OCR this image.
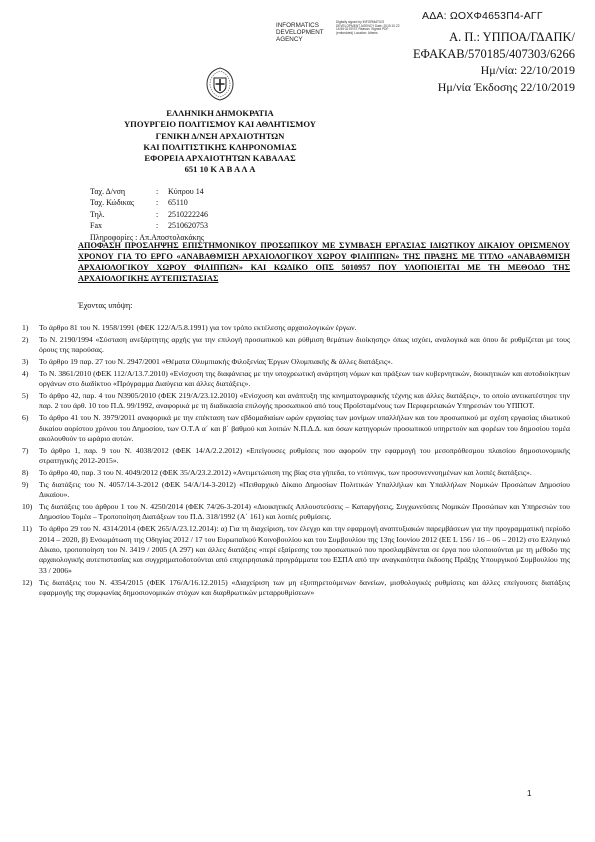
ΑΔΑ: ΩΟΧΦ4653Π4-ΑΓΓ
INFORMATICS
DEVELOPMENT
AGENCY
Digitally signed by INFORMATICS DEVELOPMENT AGENCY Date: 2019.10.22 14:56:32 EEST Reason: Signed PDF (embedded) Location: Athens	Α. Π.: ΥΠΠΟΑ/ΓΔΑΠΚ/ΕΦΑΚΑΒ/570185/407303/6266
Ημ/νία: 22/10/2019
Ημ/νία Έκδοσης 22/10/2019
ΕΛΛΗΝΙΚΗ ΔΗΜΟΚΡΑΤΙΑ
ΥΠΟΥΡΓΕΙΟ ΠΟΛΙΤΙΣΜΟΥ ΚΑΙ ΑΘΛΗΤΙΣΜΟΥ
ΓΕΝΙΚΗ Δ/ΝΣΗ ΑΡΧΑΙΟΤΗΤΩΝ
ΚΑΙ ΠΟΛΙΤΙΣΤΙΚΗΣ ΚΛΗΡΟΝΟΜΙΑΣ
ΕΦΟΡΕΙΑ ΑΡΧΑΙΟΤΗΤΩΝ ΚΑΒΑΛΑΣ
651 10 Κ Α Β Α Λ Α
Ταχ. Δ/νση	:	Κύπρου 14
Ταχ. Κώδικας	:	65110
Τηλ.	:	2510222246
Fax	:	2510620753
Πληροφορίες : Απ.Αποστολακάκης
ΑΠΟΦΑΣΗ ΠΡΟΣΛΗΨΗΣ ΕΠΙΣΤΗΜΟΝΙΚΟΥ ΠΡΟΣΩΠΙΚΟΥ ΜΕ ΣΥΜΒΑΣΗ ΕΡΓΑΣΙΑΣ ΙΔΙΩΤΙΚΟΥ ΔΙΚΑΙΟΥ ΟΡΙΣΜΕΝΟΥ ΧΡΟΝΟΥ ΓΙΑ ΤΟ ΕΡΓΟ «ΑΝΑΒΑΘΜΙΣΗ ΑΡΧΑΙΟΛΟΓΙΚΟΥ ΧΩΡΟΥ ΦΙΛΙΠΠΩΝ» ΤΗΣ ΠΡΑΞΗΣ ΜΕ ΤΙΤΛΟ «ΑΝΑΒΑΘΜΙΣΗ ΑΡΧΑΙΟΛΟΓΙΚΟΥ ΧΩΡΟΥ ΦΙΛΙΠΠΩΝ» ΚΑΙ ΚΩΔΙΚΟ ΟΠΣ 5010957 ΠΟΥ ΥΛΟΠΟΙΕΙΤΑΙ ΜΕ ΤΗ ΜΕΘΟΔΟ ΤΗΣ ΑΡΧΑΙΟΛΟΓΙΚΗΣ ΑΥΤΕΠΙΣΤΑΣΙΑΣ
Έχοντας υπόψη:
1)	Το άρθρο 81 του Ν. 1958/1991 (ΦΕΚ 122/Α/5.8.1991) για τον τρόπο εκτέλεσης αρχαιολογικών έργων.
2)	Το Ν. 2190/1994 «Σύσταση ανεξάρτητης αρχής για την επιλογή προσωπικού και ρύθμιση θεμάτων διοίκησης» όπως ισχύει, αναλογικά και όπου δε ρυθμίζεται με τους όρους της παρούσας.
3)	Το άρθρο 19 παρ. 27 του Ν. 2947/2001 «Θέματα Ολυμπιακής Φιλοξενίας Έργων Ολυμπιακής & άλλες διατάξεις».
4)	Το Ν. 3861/2010 (ΦΕΚ 112/Α/13.7.2010) «Ενίσχυση της διαφάνειας με την υποχρεωτική ανάρτηση νόμων και πράξεων των κυβερνητικών, διοικητικών και αυτοδιοίκητων οργάνων στο διαδίκτυο «Πρόγραμμα Διαύγεια και άλλες διατάξεις».
5)	Το άρθρο 42, παρ. 4 του Ν3905/2010 (ΦΕΚ 219/Α/23.12.2010) «Ενίσχυση και ανάπτυξη της κινηματογραφικής τέχνης και άλλες διατάξεις», το οποίο αντικατέστησε την παρ. 2 του άρθ. 10 του Π.Δ. 99/1992, αναφορικά με τη διαδικασία επιλογής προσωπικού από τους Προϊσταμένους των Περιφερειακών Υπηρεσιών του ΥΠΠΟΤ.
6)	Το άρθρο 41 του Ν. 3979/2011 αναφορικά με την επέκταση των εβδομαδιαίων ωρών εργασίας των μονίμων υπαλλήλων και του προσωπικού με σχέση εργασίας ιδιωτικού δικαίου αορίστου χρόνου του Δημοσίου, των Ο.Τ.Α α΄ και β΄ βαθμού και λοιπών Ν.Π.Δ.Δ. και όσων κατηγοριών προσωπικού υπηρετούν και φορέων του δημοσίου τομέα ακολουθούν το ωράριο αυτών.
7)	Το άρθρο 1, παρ. 9 του Ν. 4038/2012 (ΦΕΚ 14/Α/2.2.2012) «Επείγουσες ρυθμίσεις που αφορούν την εφαρμογή του μεσοπρόθεσμου πλαισίου δημοσιονομικής στρατηγικής 2012-2015».
8)	Το άρθρο 40, παρ. 3 του Ν. 4049/2012 (ΦΕΚ 35/Α/23.2.2012) «Αντιμετώπιση της βίας στα γήπεδα, το ντόπινγκ, των προσυνεννοημένων και λοιπές διατάξεις».
9)	Τις διατάξεις του Ν. 4057/14-3-2012 (ΦΕΚ 54/Α/14-3-2012) «Πειθαρχικό Δίκαιο Δημοσίων Πολιτικών Υπαλλήλων και Υπαλλήλων Νομικών Προσώπων Δημοσίου Δικαίου».
10) Τις διατάξεις του άρθρου 1 του Ν. 4250/2014 (ΦΕΚ 74/26-3-2014) «Διοικητικές Απλουστεύσεις – Καταργήσεις, Συγχωνεύσεις Νομικών Προσώπων και Υπηρεσιών του Δημοσίου Τομέα – Τροποποίηση Διατάξεων του Π.Δ. 318/1992 (Α΄ 161) και λοιπές ρυθμίσεις.
11) Το άρθρο 29 του Ν. 4314/2014 (ΦΕΚ 265/Α/23.12.2014): α) Για τη διαχείριση, τον έλεγχο και την εφαρμογή αναπτυξιακών παρεμβάσεων για την προγραμματική περίοδο 2014 – 2020, β) Ενσωμάτωση της Οδηγίας 2012 / 17 του Ευρωπαϊκού Κοινοβουλίου και του Συμβουλίου της 13ης Ιουνίου 2012 (ΕΕ L 156 / 16 – 06 – 2012) στο Ελληνικό Δίκαιο, τροποποίηση του Ν. 3419 / 2005 (Α 297) και άλλες διατάξεις «περί εξαίρεσης του προσωπικού που προσλαμβάνεται σε έργα που υλοποιούνται με τη μέθοδο της αρχαιολογικής αυτεπιστασίας και συγχρηματοδοτούνται από επιχειρησιακά προγράμματα του ΕΣΠΑ από την αναγκαιότητα έκδοσης Πράξης Υπουργικού Συμβουλίου της 33 / 2006»
12) Τις διατάξεις του Ν. 4354/2015 (ΦΕΚ 176/Α/16.12.2015) «Διαχείριση των μη εξυπηρετούμενων δανείων, μισθολογικές ρυθμίσεις και άλλες επείγουσες διατάξεις εφαρμογής της συμφωνίας δημοσιονομικών στόχων και διαρθρωτικών μεταρρυθμίσεων»
1
